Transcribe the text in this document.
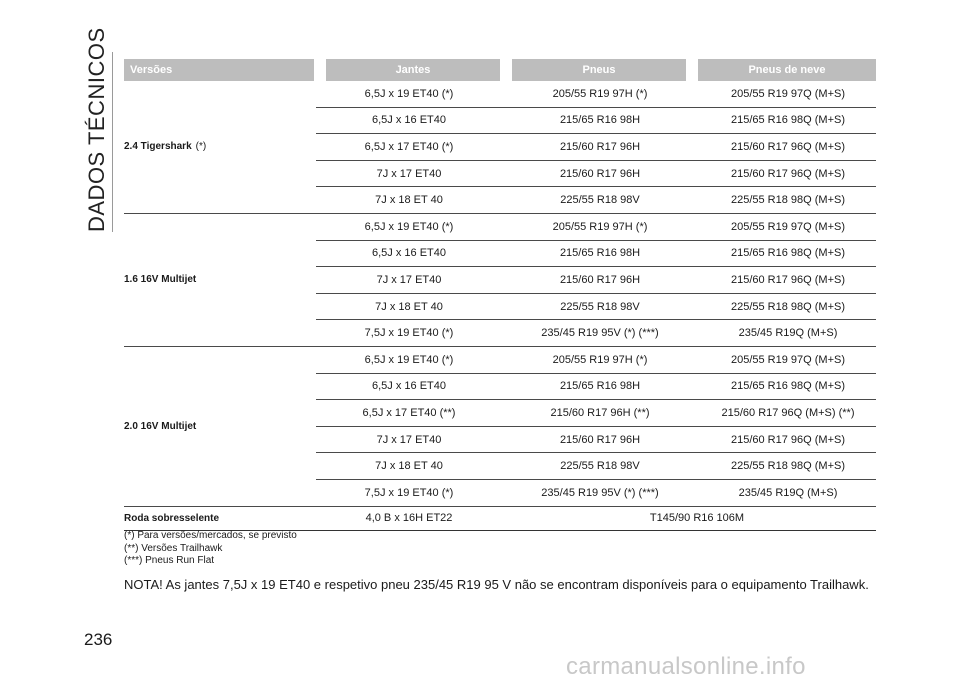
DADOS TÉCNICOS	Versões	Jantes	Pneus	Pneus de neve
2.4 Tigershark (*)
6,5J x 19 ET40 (*)	205/55 R19 97H (*)	205/55 R19 97Q (M+S)
6,5J x 16 ET40	215/65 R16 98H	215/65 R16 98Q (M+S)
6,5J x 17 ET40 (*)	215/60 R17 96H	215/60 R17 96Q (M+S)
7J x 17 ET40	215/60 R17 96H	215/60 R17 96Q (M+S)
7J x 18 ET 40	225/55 R18 98V	225/55 R18 98Q (M+S)
1.6 16V Multijet
6,5J x 19 ET40 (*)	205/55 R19 97H (*)	205/55 R19 97Q (M+S)
6,5J x 16 ET40	215/65 R16 98H	215/65 R16 98Q (M+S)
7J x 17 ET40	215/60 R17 96H	215/60 R17 96Q (M+S)
7J x 18 ET 40	225/55 R18 98V	225/55 R18 98Q (M+S)
7,5J x 19 ET40 (*)	235/45 R19 95V (*) (***)	235/45 R19Q (M+S)
2.0 16V Multijet
6,5J x 19 ET40 (*)	205/55 R19 97H (*)	205/55 R19 97Q (M+S)
6,5J x 16 ET40	215/65 R16 98H	215/65 R16 98Q (M+S)
6,5J x 17 ET40 (**)	215/60 R17 96H (**)	215/60 R17 96Q (M+S) (**)
7J x 17 ET40	215/60 R17 96H	215/60 R17 96Q (M+S)
7J x 18 ET 40	225/55 R18 98V	225/55 R18 98Q (M+S)
7,5J x 19 ET40 (*)	235/45 R19 95V (*) (***)	235/45 R19Q (M+S)
Roda sobresselente	4,0 B x 16H ET22	T145/90 R16 106M
(*) Para versões/mercados, se previsto
(**) Versões Trailhawk
(***) Pneus Run Flat
NOTA! As jantes 7,5J x 19 ET40 e respetivo pneu 235/45 R19 95 V não se encontram disponíveis para o equipamento Trailhawk.
236
carmanualsonline.info
